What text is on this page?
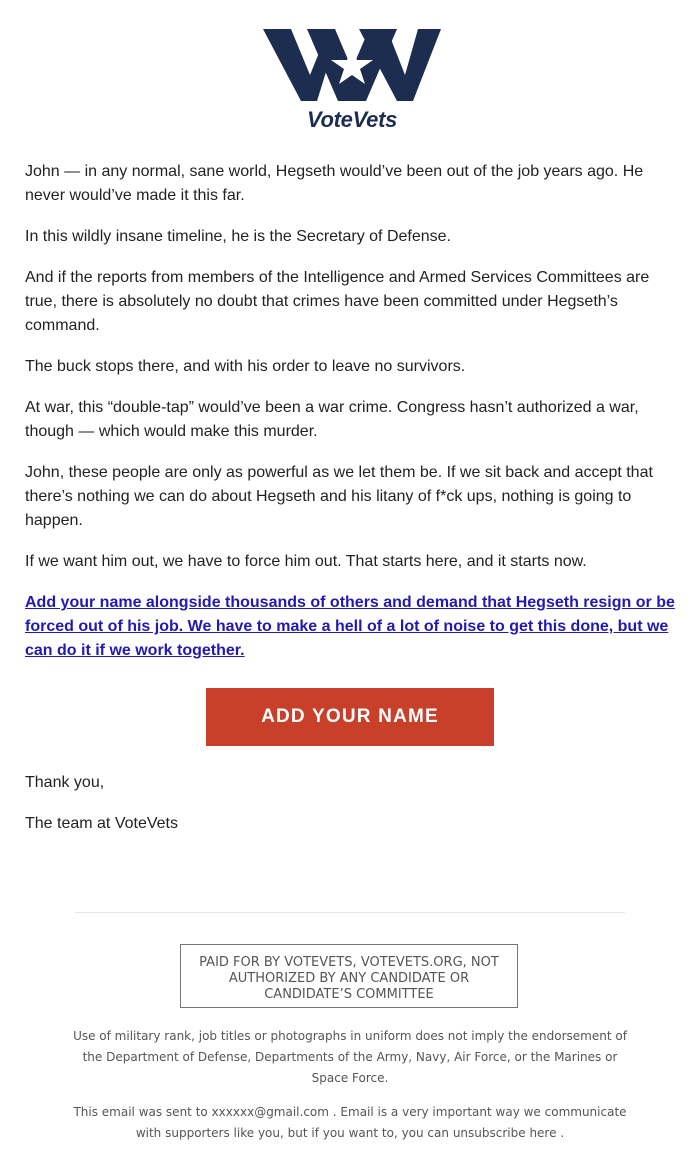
VoteVets

John — in any normal, sane world, Hegseth would’ve been out of the job years ago. He never would’ve made it this far.

In this wildly insane timeline, he is the Secretary of Defense.

And if the reports from members of the Intelligence and Armed Services Committees are true, there is absolutely no doubt that crimes have been committed under Hegseth’s command.

The buck stops there, and with his order to leave no survivors.

At war, this “double-tap” would’ve been a war crime. Congress hasn’t authorized a war, though — which would make this murder.

John, these people are only as powerful as we let them be. If we sit back and accept that there’s nothing we can do about Hegseth and his litany of f*ck ups, nothing is going to happen.

If we want him out, we have to force him out. That starts here, and it starts now.

Add your name alongside thousands of others and demand that Hegseth resign or be forced out of his job. We have to make a hell of a lot of noise to get this done, but we can do it if we work together.

ADD YOUR NAME

Thank you,

The team at VoteVets

PAID FOR BY VOTEVETS, VOTEVETS.ORG, NOT AUTHORIZED BY ANY CANDIDATE OR CANDIDATE’S COMMITTEE
Use of military rank, job titles or photographs in uniform does not imply the endorsement of the Department of Defense, Departments of the Army, Navy, Air Force, or the Marines or Space Force.
This email was sent to xxxxxx@gmail.com . Email is a very important way we communicate with supporters like you, but if you want to, you can unsubscribe here .
